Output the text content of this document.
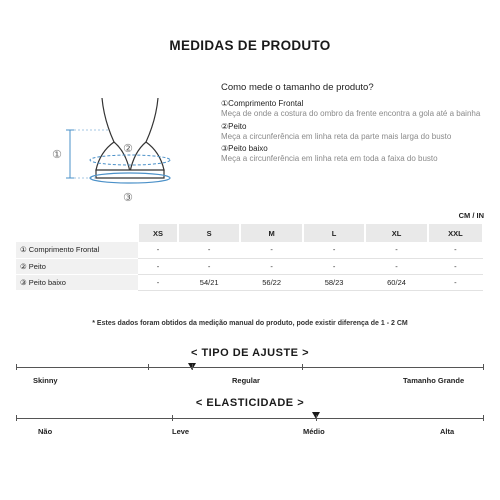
MEDIDAS DE PRODUTO
①	②
③
Como mede o tamanho de produto?
①Comprimento Frontal
Meça de onde a costura do ombro da frente encontra a gola até a bainha
②Peito
Meça a circunferência em linha reta da parte mais larga do busto
③Peito baixo
Meça a circunferência em linha reta em toda a faixa do busto
CM / IN
	XS	S	M	L	XL	XXL
① Comprimento Frontal	-	-	-	-	-	-
② Peito	-	-	-	-	-	-
③ Peito baixo	-	54/21	56/22	58/23	60/24	-
* Estes dados foram obtidos da medição manual do produto, pode existir diferença de 1 - 2 CM
< TIPO DE AJUSTE >
Skinny	Regular	Tamanho Grande
< ELASTICIDADE >
Não	Leve	Médio	Alta
